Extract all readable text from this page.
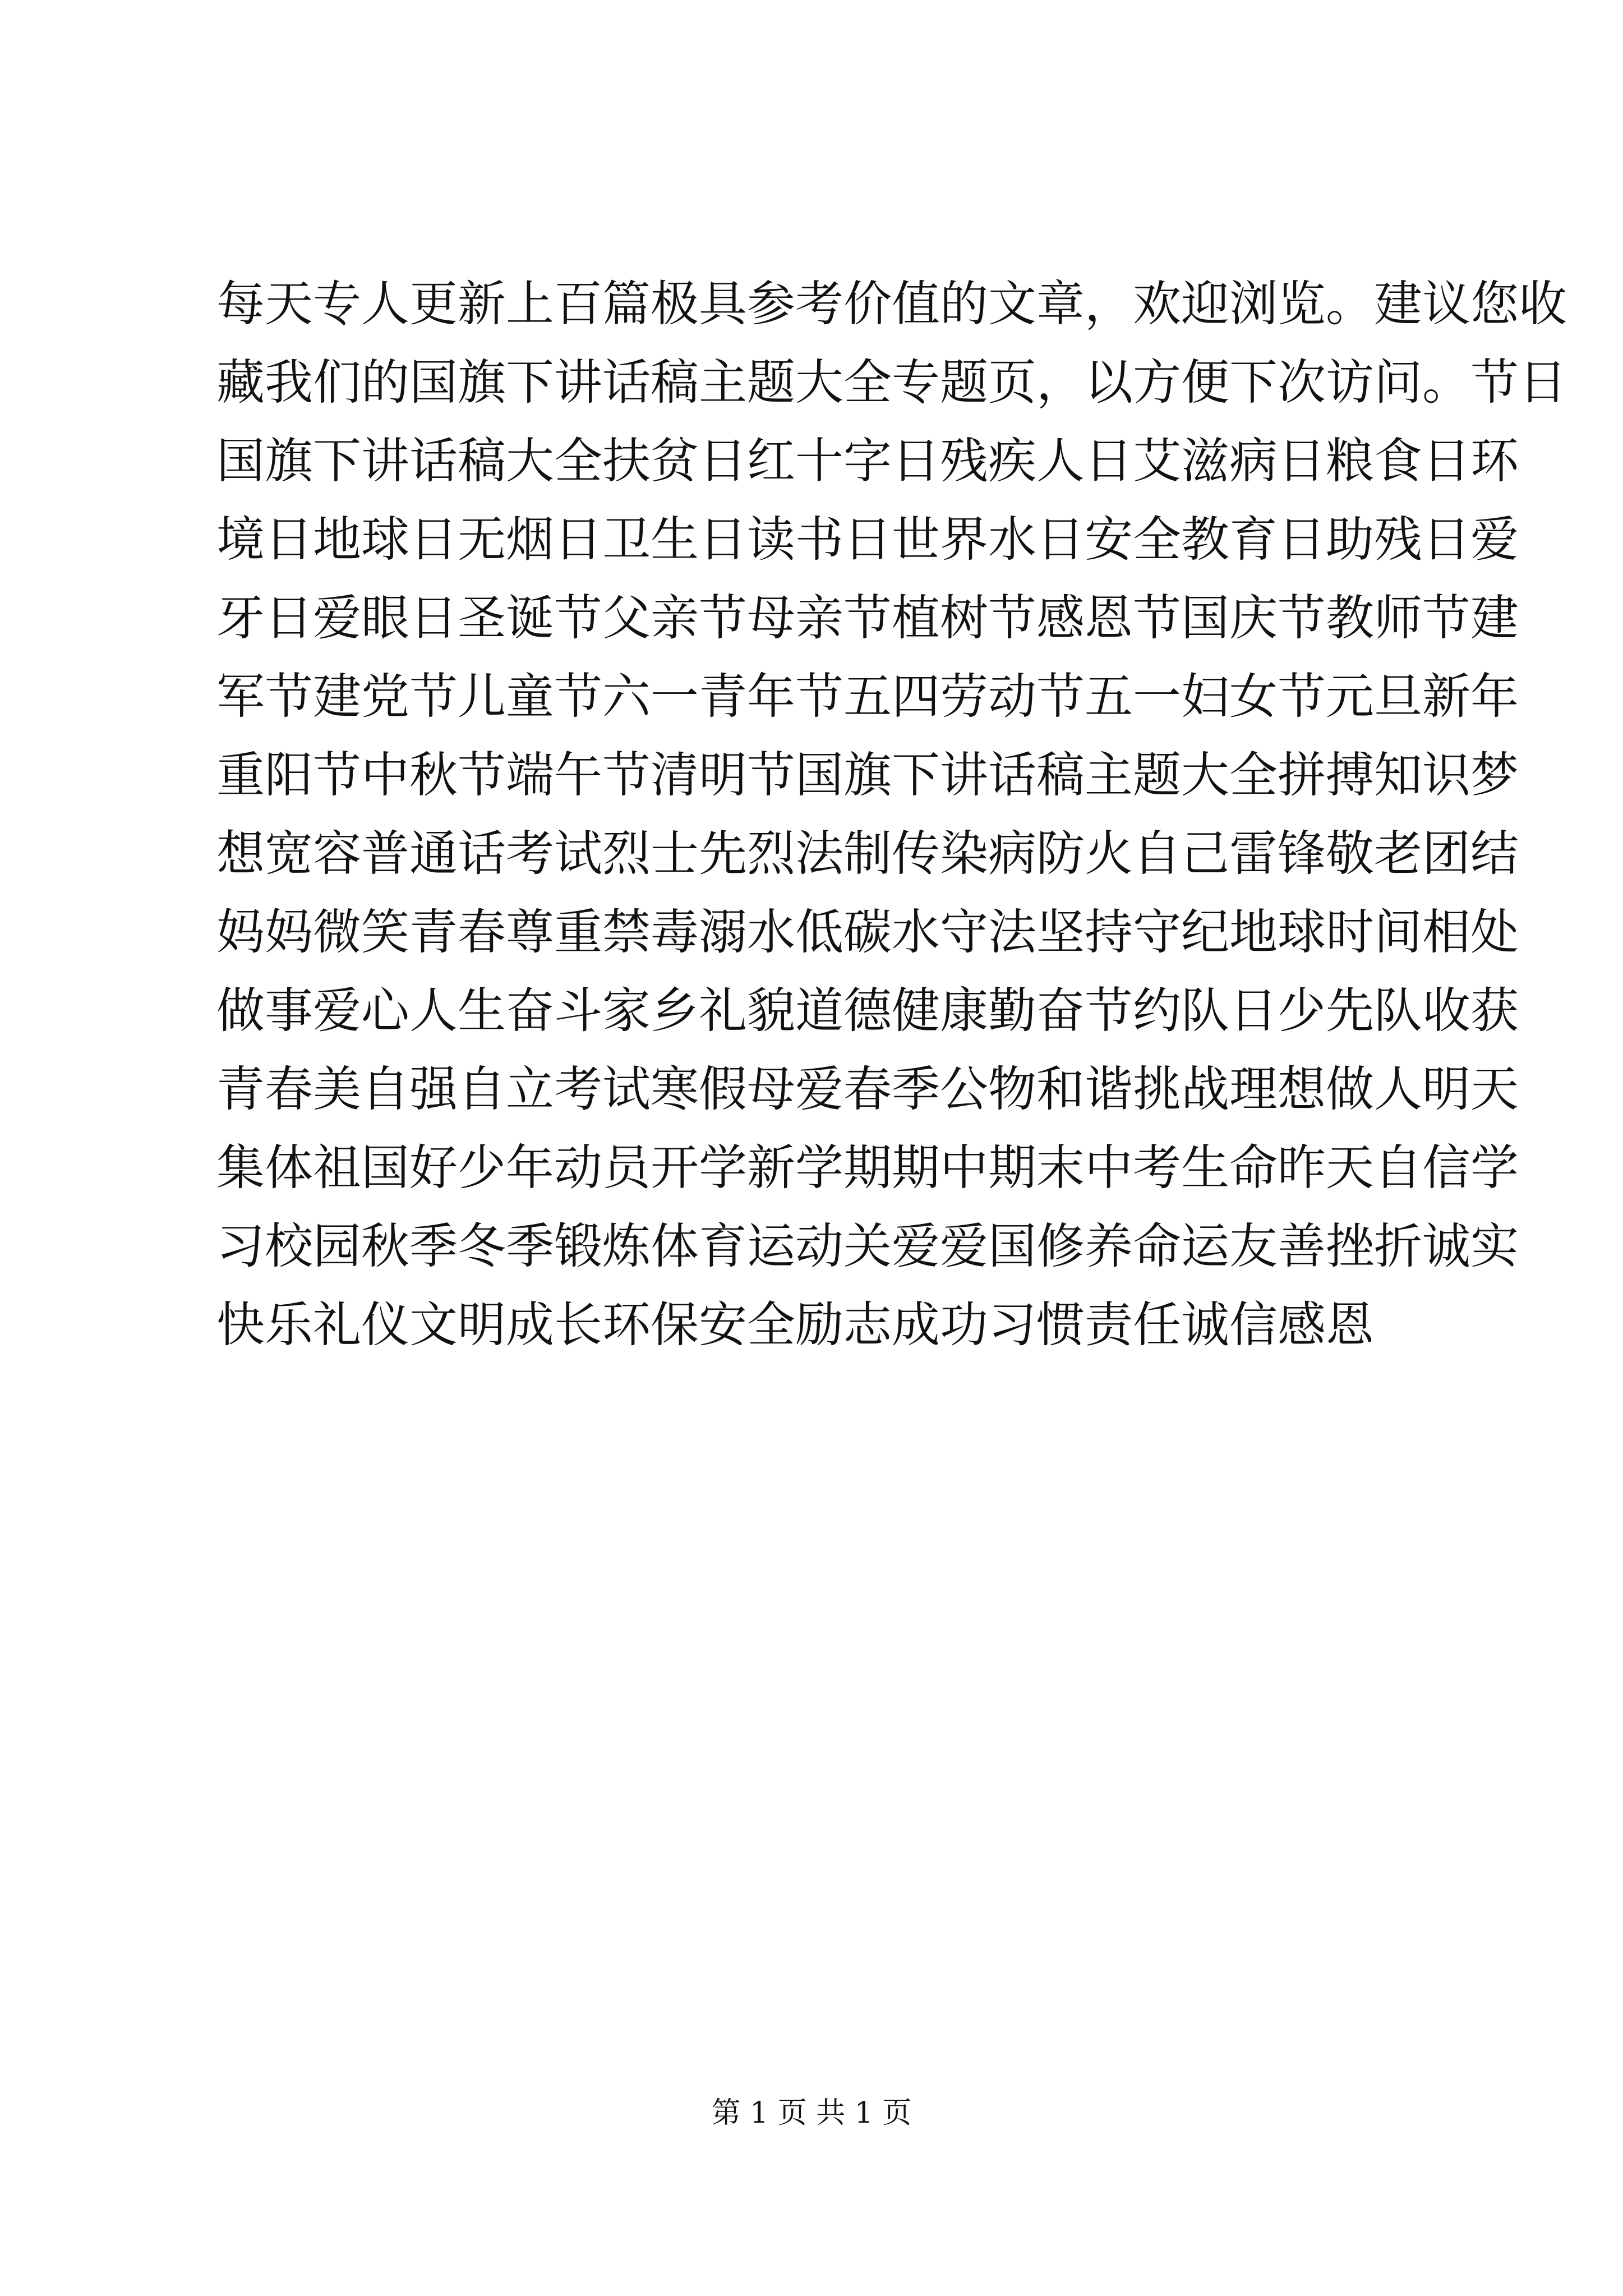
每天专人更新上百篇极具参考价值的文章，欢迎浏览。建议您收
藏我们的国旗下讲话稿主题大全专题页，以方便下次访问。节日
国旗下讲话稿大全扶贫日红十字日残疾人日艾滋病日粮食日环
境日地球日无烟日卫生日读书日世界水日安全教育日助残日爱
牙日爱眼日圣诞节父亲节母亲节植树节感恩节国庆节教师节建
军节建党节儿童节六一青年节五四劳动节五一妇女节元旦新年
重阳节中秋节端午节清明节国旗下讲话稿主题大全拼搏知识梦
想宽容普通话考试烈士先烈法制传染病防火自己雷锋敬老团结
妈妈微笑青春尊重禁毒溺水低碳水守法坚持守纪地球时间相处
做事爱心人生奋斗家乡礼貌道德健康勤奋节约队日少先队收获
青春美自强自立考试寒假母爱春季公物和谐挑战理想做人明天
集体祖国好少年动员开学新学期期中期末中考生命昨天自信学
习校园秋季冬季锻炼体育运动关爱爱国修养命运友善挫折诚实
快乐礼仪文明成长环保安全励志成功习惯责任诚信感恩
第 1 页 共 1 页
